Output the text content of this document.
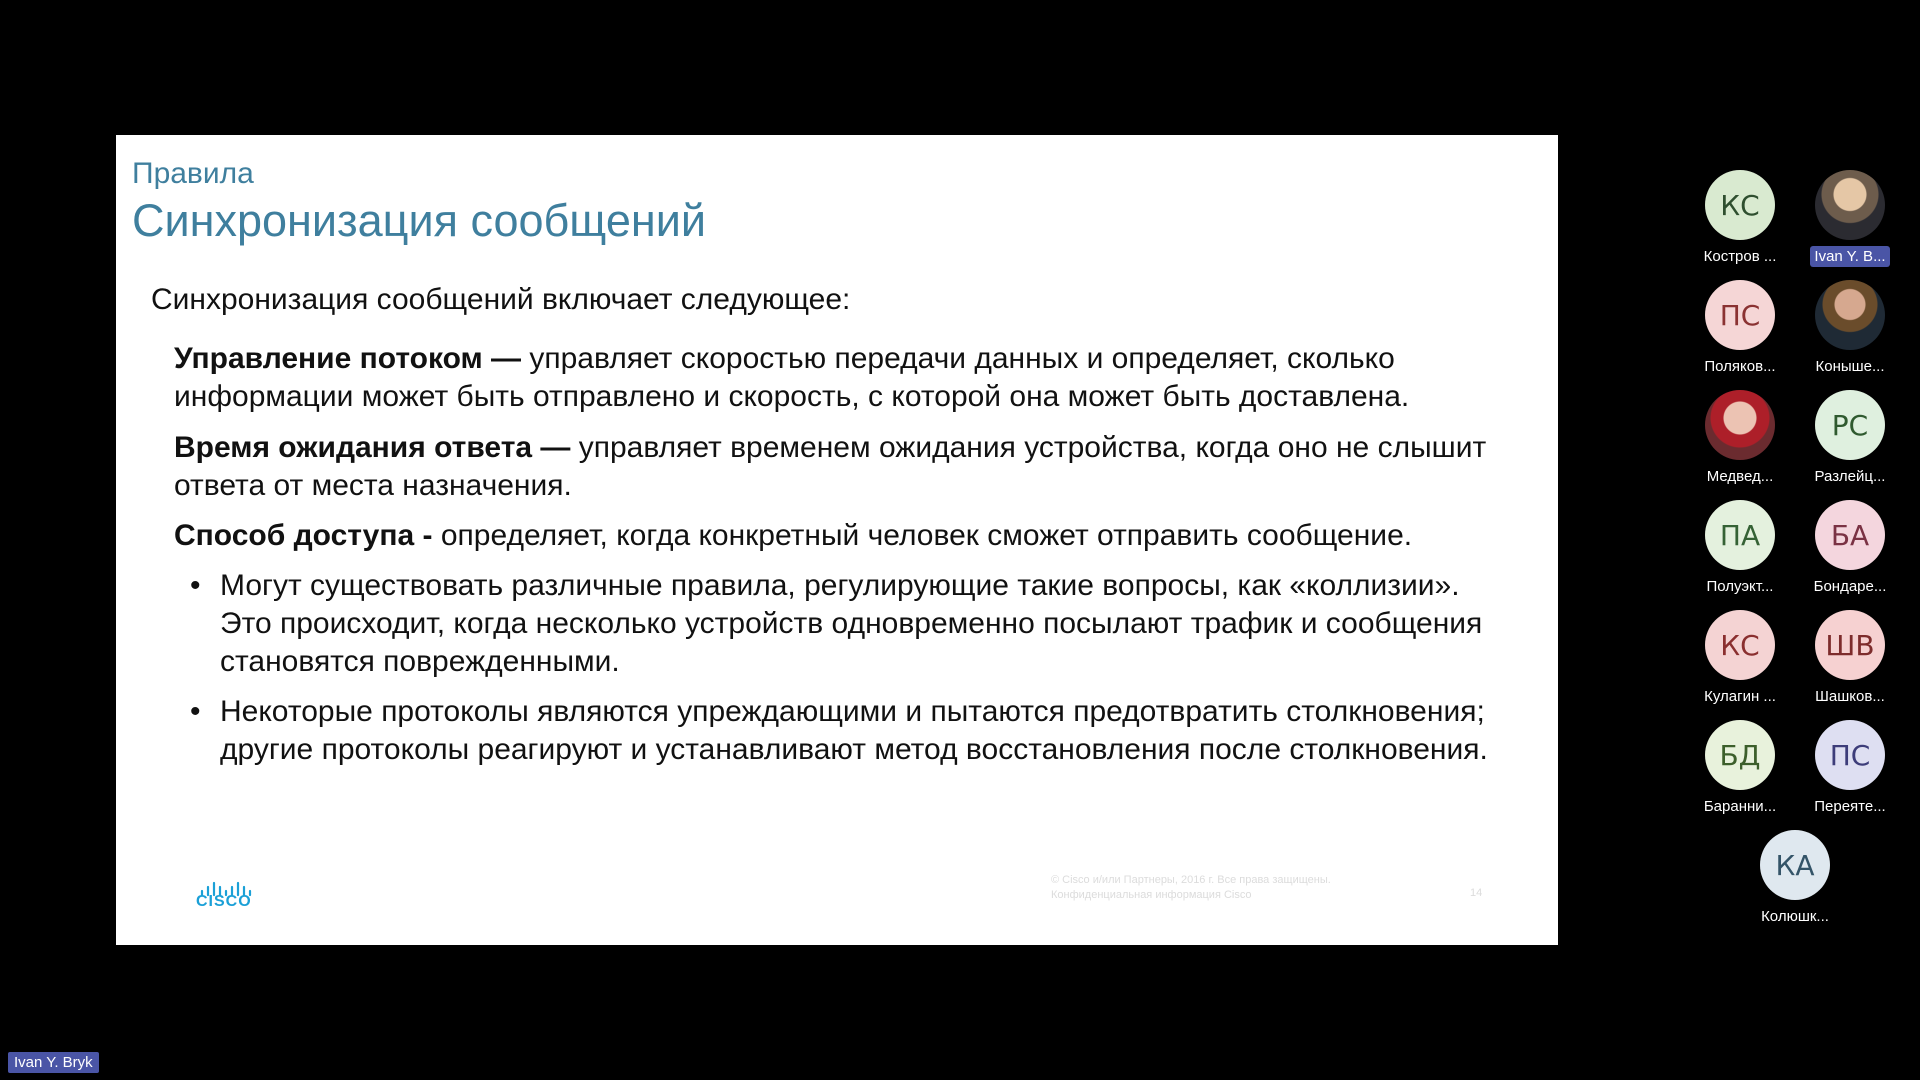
Правила
Синхронизация сообщений
Синхронизация сообщений включает следующее:
Управление потоком — управляет скоростью передачи данных и определяет, сколько информации может быть отправлено и скорость, с которой она может быть доставлена.
Время ожидания ответа — управляет временем ожидания устройства, когда оно не слышит ответа от места назначения.
Способ доступа - определяет, когда конкретный человек сможет отправить сообщение.
• Могут существовать различные правила, регулирующие такие вопросы, как «коллизии». Это происходит, когда несколько устройств одновременно посылают трафик и сообщения становятся поврежденными.
• Некоторые протоколы являются упреждающими и пытаются предотвратить столкновения; другие протоколы реагируют и устанавливают метод восстановления после столкновения.
CISCO
© Cisco и/или Партнеры, 2016 г. Все права защищены. Конфиденциальная информация Cisco	14
КС
Костров ...	Ivan Y. B...
ПС
Поляков...	Коныше...
Медвед...
РС
Разлейц...
ПА
Полуэкт...
БА
Бондаре...
КС
Кулагин ...
ШВ
Шашков...
БД
Баранни...
ПС
Переяте...
КА
Колюшк...
Ivan Y. Bryk
